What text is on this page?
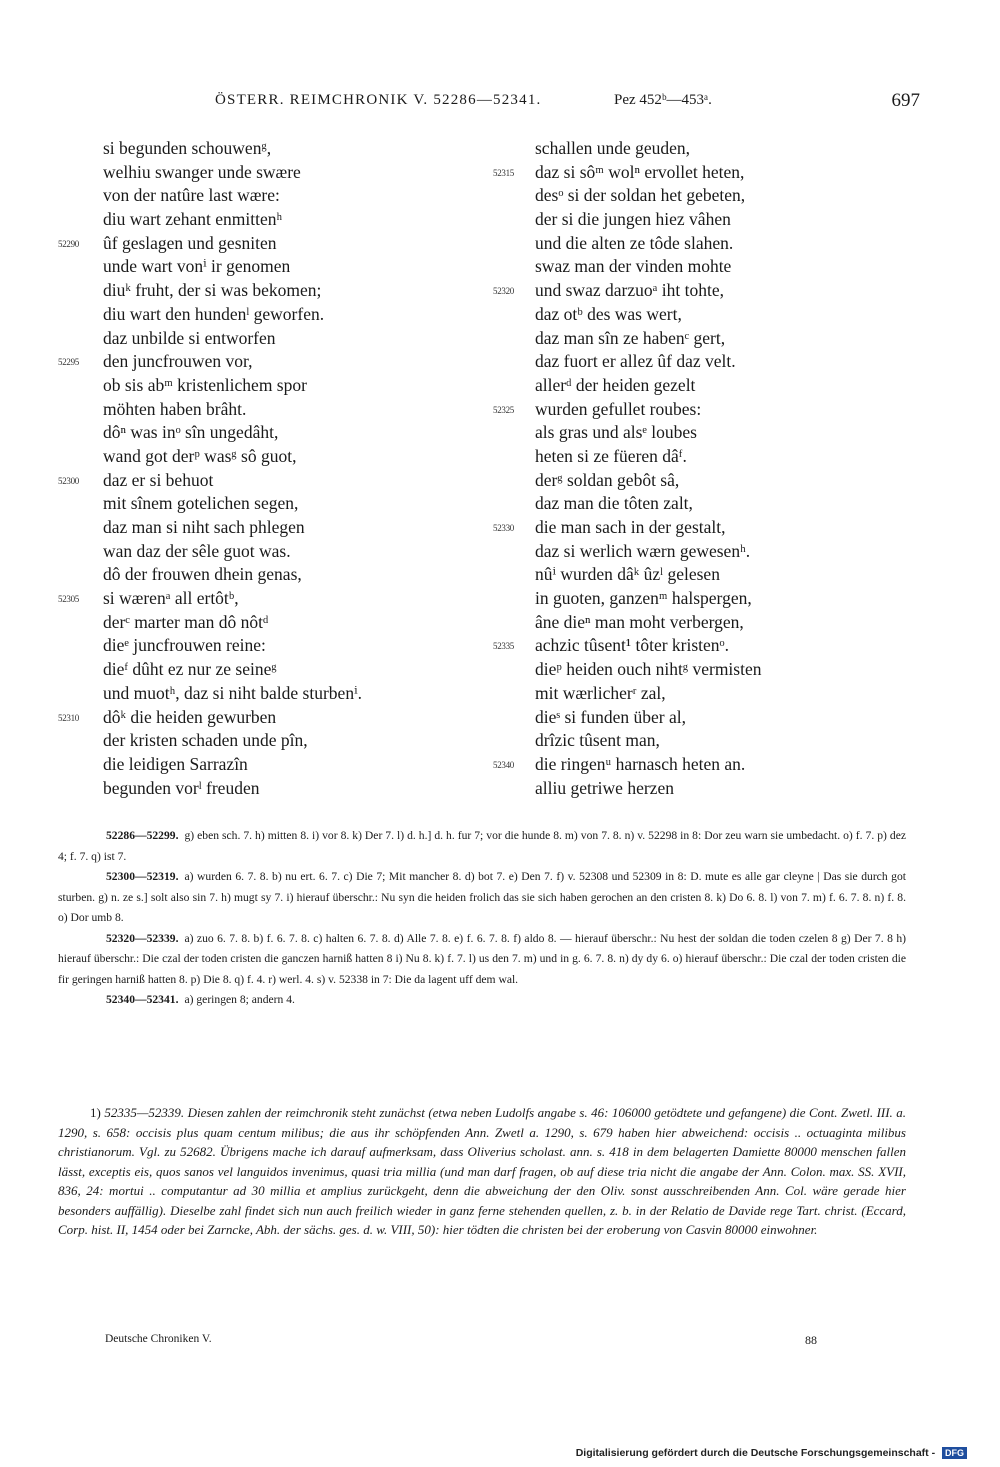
ÖSTERR. REIMCHRONIK V. 52286—52341.	Pez 452ᵇ—453ᵃ.	697
si begunden schouwenᵍ,
welhiu swanger unde swære
von der natûre last wære:
diu wart zehant enmittenʰ
52290 ûf geslagen und gesniten
unde wart vonⁱ ir genomen
diuᵏ fruht, der si was bekomen;
diu wart den hundenˡ geworfen.
daz unbilde si entworfen
52295 den juncfrouwen vor,
ob sis abᵐ kristenlichem spor
möhten haben brâht.
dôⁿ was inᵒ sîn ungedâht,
wand got derᵖ wasᵍ sô guot,
52300 daz er si behuot
mit sînem gotelichen segen,
daz man si niht sach phlegen
wan daz der sêle guot was.
dô der frouwen dhein genas,
52305 si wærenᵃ all ertôtᵇ,
derᶜ marter man dô nôtᵈ
dieᵉ juncfrouwen reine:
dieᶠ dûht ez nur ze seineᵍ
und muotʰ, daz si niht balde sturbenⁱ.
52310 dôᵏ die heiden gewurben
der kristen schaden unde pîn,
die leidigen Sarrazîn
begunden vorˡ freuden
schallen unde geuden,
52315 daz si sôᵐ wolⁿ ervollet heten,
desᵒ si der soldan het gebeten,
der si die jungen hiez vâhen
und die alten ze tôde slahen.
swaz man der vinden mohte
52320 und swaz darzuoᵃ iht tohte,
daz otᵇ des was wert,
daz man sîn ze habenᶜ gert,
daz fuort er allez ûf daz velt.
allerᵈ der heiden gezelt
52325 wurden gefullet roubes:
als gras und alsᵉ loubes
heten si ze füeren dâᶠ.
derᵍ soldan gebôt sâ,
daz man die tôten zalt,
52330 die man sach in der gestalt,
daz si werlich wærn gewesenʰ.
nûⁱ wurden dâᵏ ûzˡ gelesen
in guoten, ganzenᵐ halspergen,
âne dieⁿ man moht verbergen,
52335 achzic tûsent¹ tôter kristenᵒ.
dieᵖ heiden ouch nihtᵍ vermisten
mit wærlicherʳ zal,
dieˢ si funden über al,
drîzic tûsent man,
52340 die ringenᵘ harnasch heten an.
alliu getriwe herzen
52286—52299. g) eben sch. 7. h) mitten 8. i) vor 8. k) Der 7. l) d. h.] d. h. fur 7; vor die hunde 8. m) von 7. 8. n) v. 52298 in 8: Dor zeu warn sie umbedacht. o) f. 7. p) dez 4; f. 7. q) ist 7.
52300—52319. a) wurden 6. 7. 8. b) nu ert. 6. 7. c) Die 7; Mit mancher 8. d) bot 7. e) Den 7. f) v. 52308 und 52309 in 8: D. mute es alle gar cleyne | Das sie durch got sturben. g) n. ze s.] solt also sin 7. h) mugt sy 7. i) hierauf überschr.: Nu syn die heiden frolich das sie sich haben gerochen an den cristen 8. k) Do 6. 8. l) von 7. m) f. 6. 7. 8. n) f. 8. o) Dor umb 8.
52320—52339. a) zuo 6. 7. 8. b) f. 6. 7. 8. c) halten 6. 7. 8. d) Alle 7. 8. e) f. 6. 7. 8. f) aldo 8. — hierauf überschr.: Nu hest der soldan die toden czelen 8 g) Der 7. 8 h) hierauf überschr.: Die czal der toden cristen die ganczen harniß hatten 8 i) Nu 8. k) f. 7. l) us den 7. m) und in g. 6. 7. 8. n) dy dy 6. o) hierauf überschr.: Die czal der toden cristen die fir geringen harniß hatten 8. p) Die 8. q) f. 4. r) werl. 4. s) v. 52338 in 7: Die da lagent uff dem wal.
52340—52341. a) geringen 8; andern 4.
1) 52335—52339. Diesen zahlen der reimchronik steht zunächst (etwa neben Ludolfs angabe s. 46: 106000 getödtete und gefangene) die Cont. Zwetl. III. a. 1290, s. 658: occisis plus quam centum milibus; die aus ihr schöpfenden Ann. Zwetl a. 1290, s. 679 haben hier abweichend: occisis .. octuaginta milibus christianorum. Vgl. zu 52682. Übrigens mache ich darauf aufmerksam, dass Oliverius scholast. ann. s. 418 in dem belagerten Damiette 80000 menschen fallen lässt, exceptis eis, quos sanos vel languidos invenimus, quasi tria millia (und man darf fragen, ob auf diese tria nicht die angabe der Ann. Colon. max. SS. XVII, 836, 24: mortui .. computantur ad 30 millia et amplius zurückgeht, denn die abweichung der den Oliv. sonst ausschreibenden Ann. Col. wäre gerade hier besonders auffällig). Dieselbe zahl findet sich nun auch freilich wieder in ganz ferne stehenden quellen, z. b. in der Relatio de Davide rege Tart. christ. (Eccard, Corp. hist. II, 1454 oder bei Zarncke, Abh. der sächs. ges. d. w. VIII, 50): hier tödten die christen bei der eroberung von Casvin 80000 einwohner.
Deutsche Chroniken V.	88
Digitalisierung gefördert durch die Deutsche Forschungsgemeinschaft - DFG
